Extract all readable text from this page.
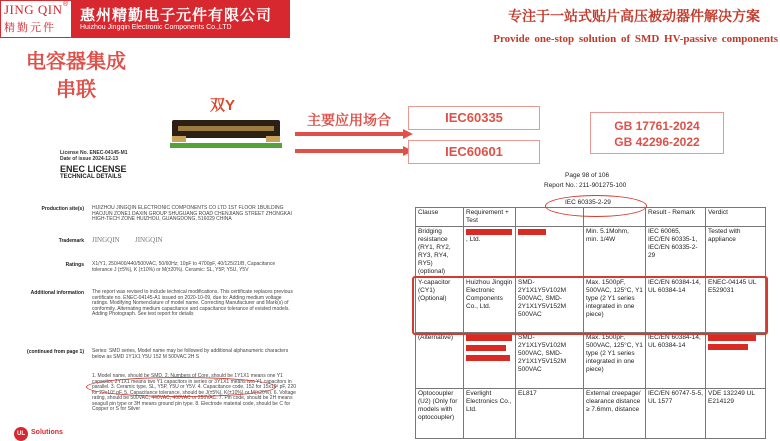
JING QIN ®
精勤元件
惠州精勤电子元件有限公司
Huizhou Jingqin Electronic Components Co.,LTD
专注于一站式贴片高压被动器件解决方案
Provide one-stop solution of SMD HV-passive components
电容器集成
串联
双Y
主要应用场合	IEC60335
IEC60601
GB 17761-2024
GB 42296-2022
License No. ENEC-04145-M1
Date of issue 2024-12-13
ENEC LICENSE
TECHNICAL DETAILS
Production site(s) HUIZHOU JINGQIN ELECTRONIC COMPONENTS CO LTD 1ST FLOOR 1BUILDING HAOJUN ZONE1 DAXIN GROUP SHUGUANG ROAD CHENJIANG STREET ZHONGKAI HIGH-TECH ZONE HUIZHOU, GUANGDONG, 516029 CHINA
Trademark JINGQIN JINGQIN
Ratings X1/Y1, 250/400/440/500VAC, 50/60Hz; 10pF to 4700pF, 40/125/21/B, Capacitance tolerance J (±5%), K (±10%) or M(±20%). Ceramic: SL, Y5P, Y5U, Y5V
Additional information The report was revised to include technical modifications. This certificate replaces previous certificate no. ENEC-04145-A1 issued on 2020-10-09, due to: Adding medium voltage ratings. Modifying Nomenclature of model name. Correcting Manufacturer and Mark(s) of conformity. Alternating medium capacitance and capacitance tolerance of existed models. Adding Photograph. See test report for details
(continued from page 1) Series: SMD series, Model name may be followed by additional alphanumeric characters below as SMD 1Y1X1 Y5U 152 M 500VAC 2H S
1. Model name, should be SMD. 2. Numbers of Core, should be 1Y1X1 means one Y1 capacitor, 2Y1X1 means two Y1 capacitors in series or 3Y1X1 means two Y1 capacitors in parallel. 3. Ceramic type, SL, Y5P, Y5U or Y5V. 4. Capacitance code, 152 for 15x10² pF, 220 for 22x10° pF. 5. Capacitance tolerance, should be J(±5%), K(±10%) or M(±20%). 6. Voltage rating, should be 500VAC, 440VAC, 400VAC or 250VAC. 7. Pin code, should be 2H means seagull pin type or 3H means ground pin type. 8. Electrode material code, should be C for Copper or S for Silver
UL Solutions
Page 98 of 106
Report No.: 211-901275-100
Clause	Requirement + Test			Result - Remark	Verdict
Bridging resistance (RY1, RY2, RY3, RY4, RY5) (optional)	, Ltd.		Min. 5.1Mohm, min. 1/4W	IEC 60065, IEC/EN 60335-1, IEC/EN 60335-2-29	Tested with appliance
Y-capacitor (CY1) (Optional)	Huizhou Jingqin Electronic Components Co., Ltd.	SMD-2Y1X1Y5V102M 500VAC, SMD-2Y1X1Y5V152M 500VAC	Max. 1500pF, 500VAC, 125°C, Y1 type (2 Y1 series integrated in one piece)	IEC/EN 60384-14, UL 60384-14	ENEC-04145 UL E529031
(Alternative)		SMD-2Y1X1Y5V102M 500VAC, SMD-2Y1X1Y5V152M 500VAC	Max. 1500pF, 500VAC, 125°C, Y1 type (2 Y1 series integrated in one piece)	IEC/EN 60384-14, UL 60384-14	

Optocoupler (U2) (Only for models with optocoupler)	Everlight Electronics Co., Ltd.	EL817	External creepage/ clearance distance ≥ 7.6mm, distance	IEC/EN 60747-5-5, UL 1577	VDE 132249 UL E214129
IEC 60335-2-29
